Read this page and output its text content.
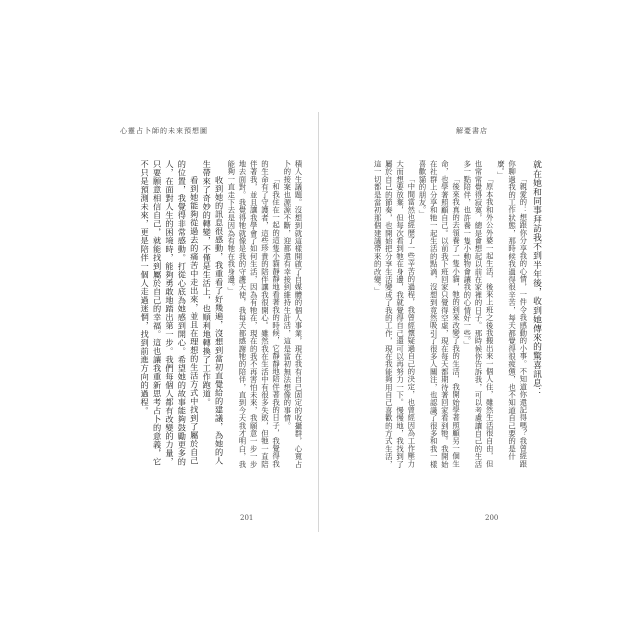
心靈占卜師的未來預想圖

積人生議題。沒想到就這樣開啟了自媒體的個人事業，現在我有自己固定的收攝群，心寬占卜的接案也源源不斷，迎都還有幸接到維持生計活，這是當初無法想像的事情。

「和我住在一起的這隻小貓靜靜地看著我的時候，它靜靜地陪伴著我的日子，我覺得我的生命有了守護者，這些珍貴的陪伴讓我很開心。雖然我在生活中有很多失敗，但牠一直陪伴著我，並且讓我學會了如何生活，因為有牠在，現在的我不再害怕未來，我願意一步一步地去面對。我覺得牠就像是我的守護天使，我每天都感謝牠的陪伴，直到今天我才明白，我能夠一直走下去是因為有牠在我身邊。」

收到她的訊息很感動，我重看了好幾遍，沒想到當初直覺給的建議，為她的人生帶來了奇妙的轉變，不僅是生活上，也順利地轉換了工作跑道。

看到她能夠從過去的痛苦中走出來，並且在理想的生活方式中找到了屬於自己的位置，我覺得非常感動。打從心底為她感到開心。希望她的故事能夠鼓勵更多的人，在面對人生的困境時，能夠勇敢地踏出第一步。我們每個人都有改變的力量，只要願意相信自己，就能找到屬於自己的幸福。這也讓我重新思考占卜的意義，它不只是預測未來，更是陪伴一個人走過迷惘，找到前進方向的過程。

201
解憂書店

就在她和同事拜訪我不到半年後，收到她傳來的驚喜訊息：

「親愛的：想跟你分享我的心情，一件令我感動的小事。不知道你還記得嗎？我曾經跟你聊過我的工作狀態，那時候我過得很辛苦，每天都覺得很疲憊，也不知道自己要的是什麼。」

「原本我和外公外婆一起生活，後來上班之後我搬出來一個人住，雖然生活很自由，但也常常覺得寂寞，總是會想起以前在家裡的日子。那時候你告訴我，可以考慮讓自己的生活多一點陪伴，也許養一隻小動物會讓我的心情好一些。」

「後來我真的去領養了一隻小貓，牠的到來改變了我的生活，我開始學著照顧另一個生命，也學著照顧自己。以前我下班回家只覺得空虛，現在每天都期待著回家看到牠。我開始在社群上分享和牠一起生活的點滴，沒想到竟然吸引了很多人關注，也認識了很多和我一樣喜歡貓的朋友。」

「中間當然也經歷了一些辛苦的過程，我曾經懷疑過自己的決定，也曾經因為工作壓力大而想要放棄，但每次看到牠在身邊，我就覺得自己還可以再努力一下。慢慢地，我找到了屬於自己的節奏，也開始把分享生活變成了我的工作，現在我能夠用自己喜歡的方式生活，這一切都是當初那個建議帶來的改變。」

200
